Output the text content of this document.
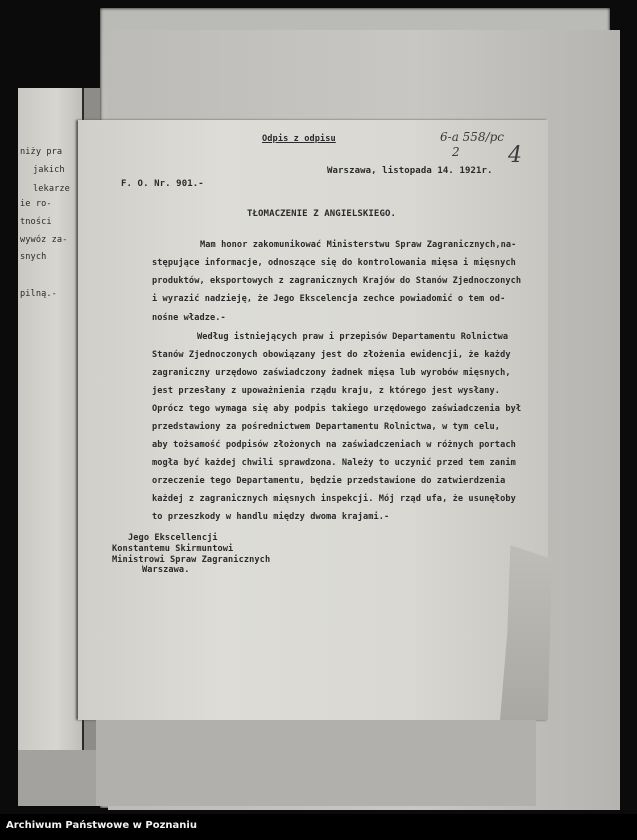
niży pra
jakich
lekarze
ie ro-
tności
wywóz za-
snych
pilną.-
Odpis z odpisu	6-a 558/pc
2 4
Warszawa, listopada 14. 1921r.
F. O. Nr. 901.-
TŁOMACZENIE Z ANGIELSKIEGO.
Mam honor zakomunikować Ministerstwu Spraw Zagranicznych,na-
stępujące informacje, odnoszące się do kontrolowania mięsa i mięsnych
produktów, eksportowych z zagranicznych Krajów do Stanów Zjednoczonych
i wyrazić nadzieję, że Jego Ekscelencja zechce powiadomić o tem od-
nośne władze.-
Według istniejących praw i przepisów Departamentu Rolnictwa
Stanów Zjednoczonych obowiązany jest do złożenia ewidencji, że każdy
zagraniczny urzędowo zaświadczony żadnek mięsa lub wyrobów mięsnych,
jest przesłany z upoważnienia rządu kraju, z którego jest wysłany.
Oprócz tego wymaga się aby podpis takiego urzędowego zaświadczenia był
przedstawiony za pośrednictwem Departamentu Rolnictwa, w tym celu,
aby tożsamość podpisów złożonych na zaświadczeniach w różnych portach
mogła być każdej chwili sprawdzona. Należy to uczynić przed tem zanim
orzeczenie tego Departamentu, będzie przedstawione do zatwierdzenia
każdej z zagranicznych mięsnych inspekcji. Mój rząd ufa, że usunęłoby
to przeszkody w handlu między dwoma krajami.-
Jego Ekscellencji
Konstantemu Skirmuntowi
Ministrowi Spraw Zagranicznych
Warszawa.
Archiwum Państwowe w Poznaniu
